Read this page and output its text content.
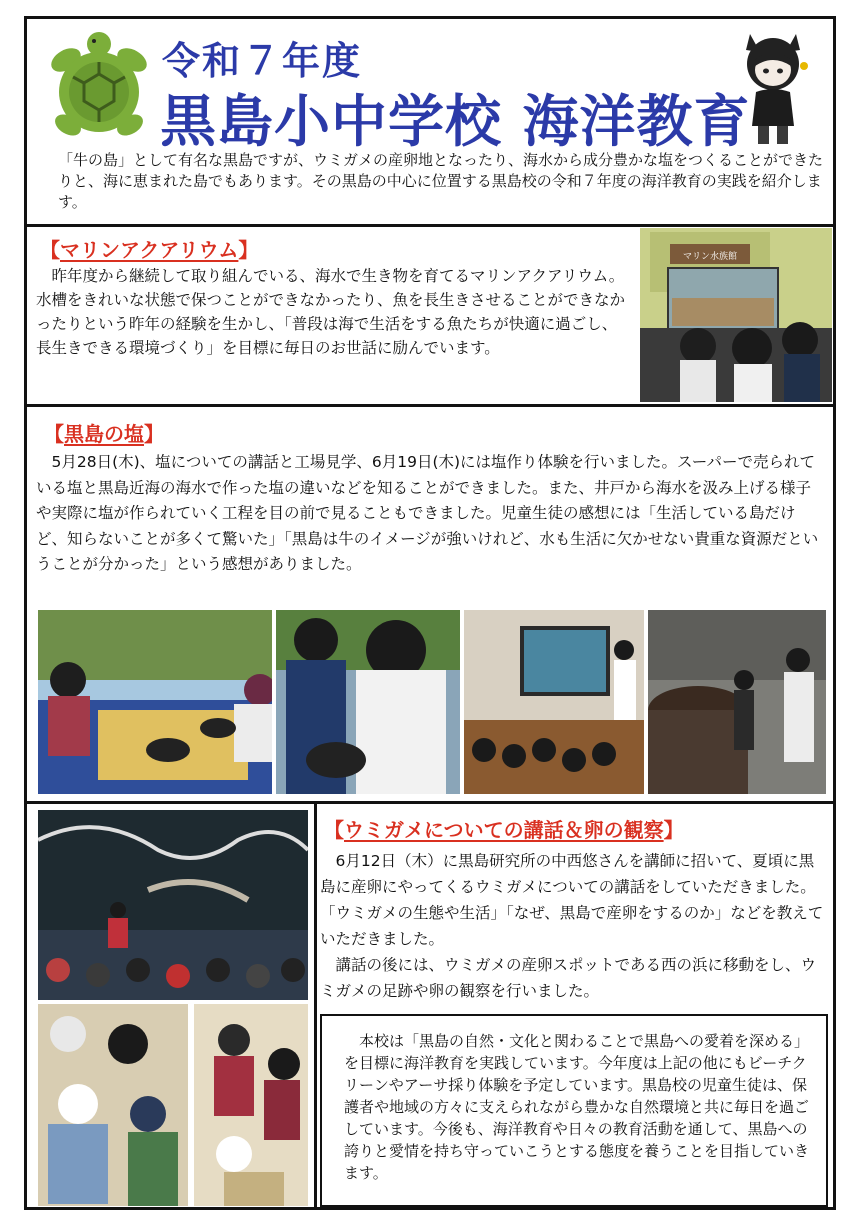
令和７年度
黒島小中学校 海洋教育
「牛の島」として有名な黒島ですが、ウミガメの産卵地となったり、海水から成分豊かな塩をつくることができたりと、海に恵まれた島でもあります。その黒島の中心に位置する黒島校の令和７年度の海洋教育の実践を紹介します。
【マリンアクアリウム】
昨年度から継続して取り組んでいる、海水で生き物を育てるマリンアクアリウム。水槽をきれいな状態で保つことができなかったり、魚を長生きさせることができなかったりという昨年の経験を生かし、「普段は海で生活をする魚たちが快適に過ごし、長生きできる環境づくり」を目標に毎日のお世話に励んでいます。
マリン水族館
【黒島の塩】
5月28日(木)、塩についての講話と工場見学、6月19日(木)には塩作り体験を行いました。スーパーで売られている塩と黒島近海の海水で作った塩の違いなどを知ることができました。また、井戸から海水を汲み上げる様子や実際に塩が作られていく工程を目の前で見ることもできました。児童生徒の感想には「生活している島だけど、知らないことが多くて驚いた」「黒島は牛のイメージが強いけれど、水も生活に欠かせない貴重な資源だということが分かった」という感想がありました。
【ウミガメについての講話＆卵の観察】
6月12日（木）に黒島研究所の中西悠さんを講師に招いて、夏頃に黒島に産卵にやってくるウミガメについての講話をしていただきました。「ウミガメの生態や生活」「なぜ、黒島で産卵をするのか」などを教えていただきました。
講話の後には、ウミガメの産卵スポットである西の浜に移動をし、ウミガメの足跡や卵の観察を行いました。
本校は「黒島の自然・文化と関わることで黒島への愛着を深める」を目標に海洋教育を実践しています。今年度は上記の他にもビーチクリーンやアーサ採り体験を予定しています。黒島校の児童生徒は、保護者や地域の方々に支えられながら豊かな自然環境と共に毎日を過ごしています。今後も、海洋教育や日々の教育活動を通して、黒島への誇りと愛情を持ち守っていこうとする態度を養うことを目指していきます。
